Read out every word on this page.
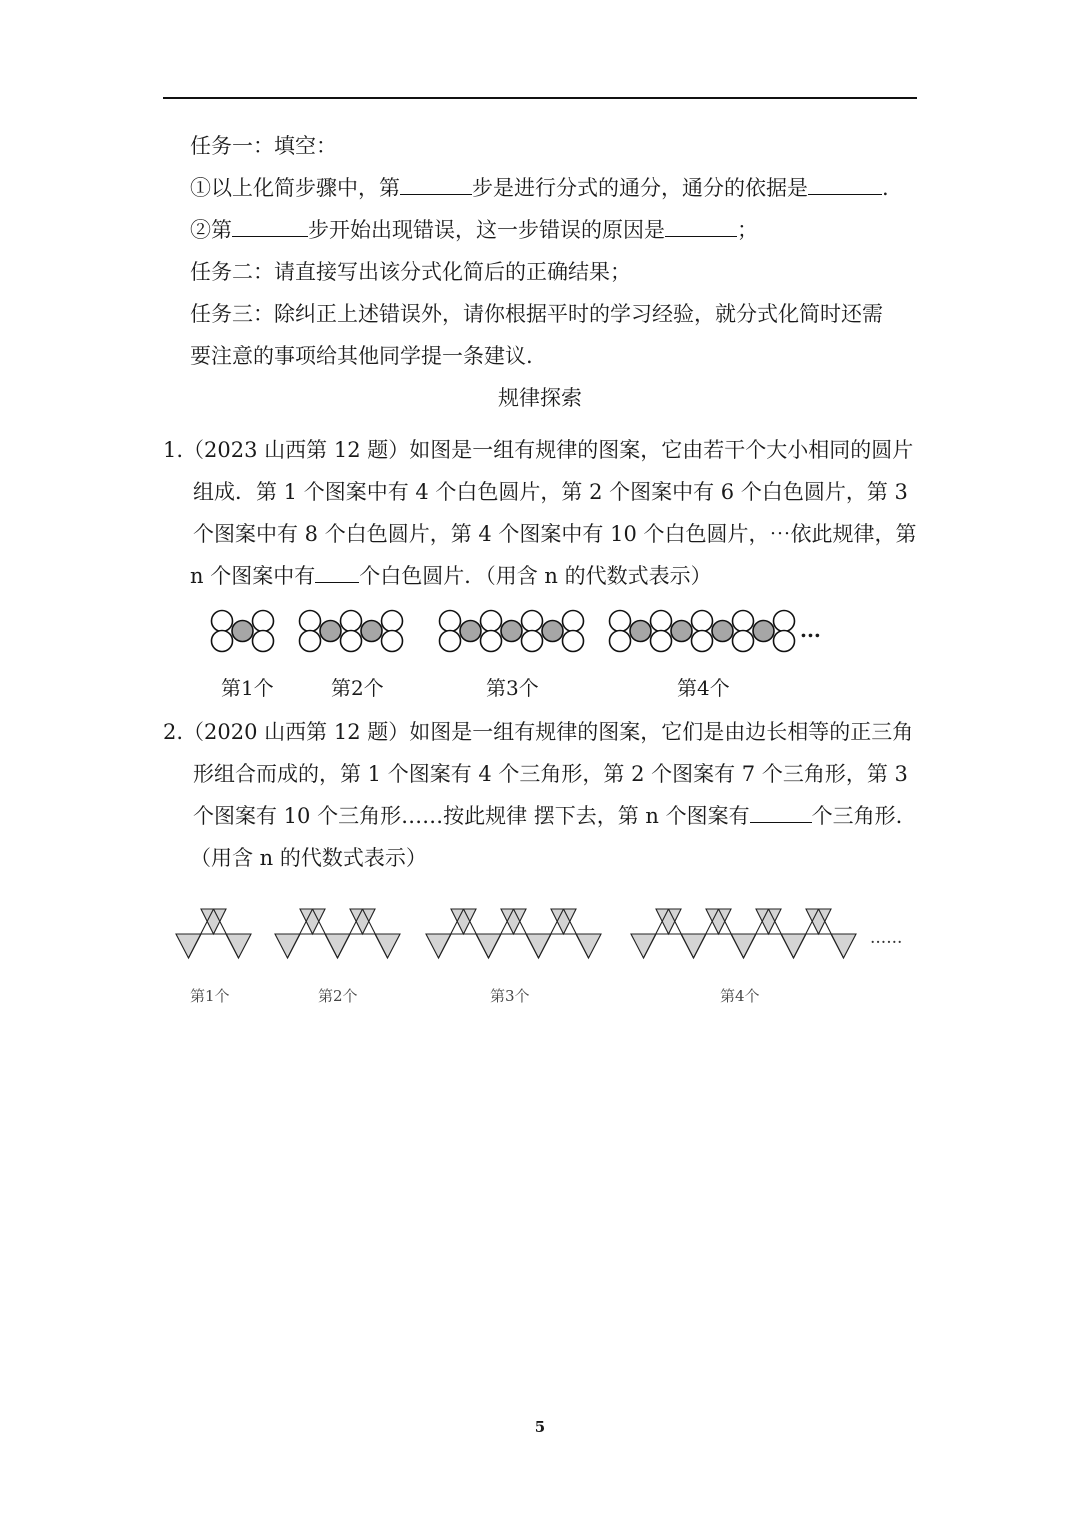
任务一：填空：
①以上化简步骤中，第	步是进行分式的通分，通分的依据是	.
②第	步开始出现错误，这一步错误的原因是	；
任务二：请直接写出该分式化简后的正确结果；
任务三：除纠正上述错误外，请你根据平时的学习经验，就分式化简时还需
要注意的事项给其他同学提一条建议.
规律探索
1.（2023 山西第 12 题）如图是一组有规律的图案，它由若干个大小相同的圆片
组成．第 1 个图案中有 4 个白色圆片，第 2 个图案中有 6 个白色圆片，第 3
个图案中有 8 个白色圆片，第 4 个图案中有 10 个白色圆片，⋯依此规律，第
n 个图案中有 个白色圆片．（用含 n 的代数式表示）
第1个	第2个	第3个	第4个
...
2.（2020 山西第 12 题）如图是一组有规律的图案，它们是由边长相等的正三角
形组合而成的，第 1 个图案有 4 个三角形，第 2 个图案有 7 个三角形，第 3
个图案有 10 个三角形……按此规律 摆下去，第 n 个图案有	个三角形.
（用含 n 的代数式表示）
第1个	第2个	第3个	第4个
......
5
